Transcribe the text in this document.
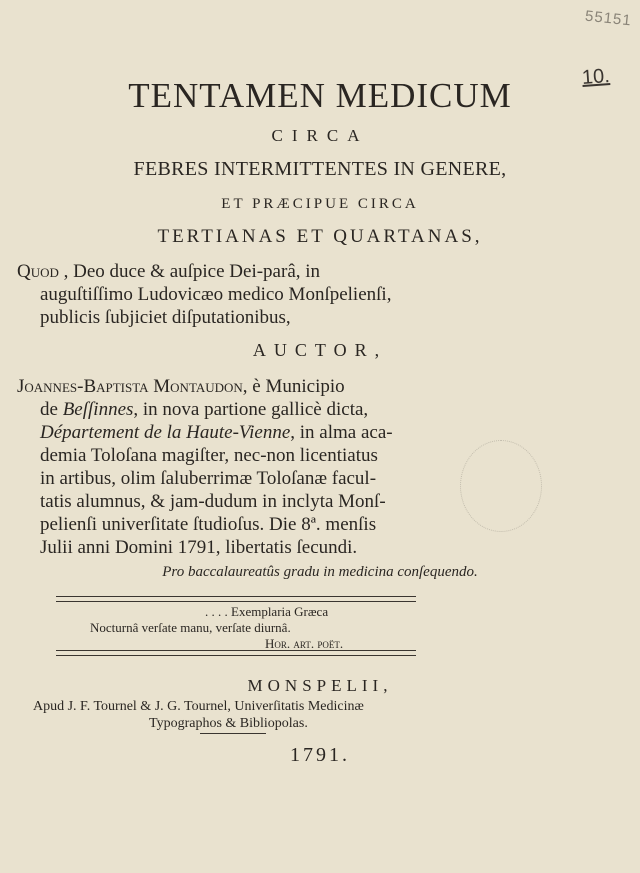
55151
10.
TENTAMEN MEDICUM
CIRCA
FEBRES INTERMITTENTES IN GENERE,
ET PRÆCIPUE CIRCA
TERTIANAS ET QUARTANAS,
Quod , Deo duce & auſpice Dei-parâ, in
auguſtiſſimo Ludovicæo medico Monſpelienſi,
publicis ſubjiciet diſputationibus,
AUCTOR,
Joannes-Baptista Montaudon, è Municipio
de Beſſinnes, in nova partione gallicè dicta,
Département de la Haute-Vienne, in alma aca-
demia Toloſana magiſter, nec-non licentiatus
in artibus, olim ſaluberrimæ Toloſanæ facul-
tatis alumnus, & jam-dudum in inclyta Monſ-
pelienſi univerſitate ſtudioſus. Die 8ª. menſis
Julii anni Domini 1791, libertatis ſecundi.
Pro baccalaureatûs gradu in medicina conſequendo.
. . . . Exemplaria Græca
Nocturnâ verſate manu, verſate diurnâ.
Hor. art. poët.
MONSPELII,
Apud J. F. Tournel & J. G. Tournel, Univerſitatis Medicinæ
Typographos & Bibliopolas.
1791.
